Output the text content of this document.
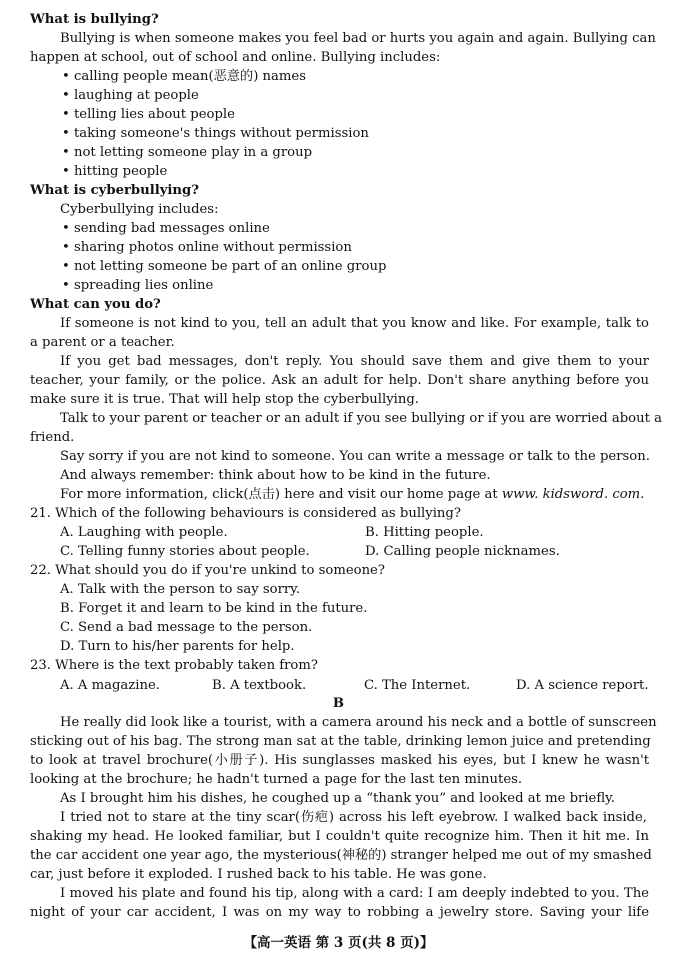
What is bullying?
Bullying is when someone makes you feel bad or hurts you again and again. Bullying can
happen at school, out of school and online. Bullying includes:
• calling people mean(恶意的) names
• laughing at people
• telling lies about people
• taking someone's things without permission
• not letting someone play in a group
• hitting people
What is cyberbullying?
Cyberbullying includes:
• sending bad messages online
• sharing photos online without permission
• not letting someone be part of an online group
• spreading lies online
What can you do?
If someone is not kind to you, tell an adult that you know and like. For example, talk to
a parent or a teacher.
If you get bad messages, don't reply. You should save them and give them to your
teacher, your family, or the police. Ask an adult for help. Don't share anything before you
make sure it is true. That will help stop the cyberbullying.
Talk to your parent or teacher or an adult if you see bullying or if you are worried about a
friend.
Say sorry if you are not kind to someone. You can write a message or talk to the person.
And always remember: think about how to be kind in the future.
For more information, click(点击) here and visit our home page at www. kidsword. com.
21. Which of the following behaviours is considered as bullying?
A. Laughing with people.	B. Hitting people.
C. Telling funny stories about people.	D. Calling people nicknames.
22. What should you do if you're unkind to someone?
A. Talk with the person to say sorry.
B. Forget it and learn to be kind in the future.
C. Send a bad message to the person.
D. Turn to his/her parents for help.
23. Where is the text probably taken from?
A. A magazine.	B. A textbook.	C. The Internet.	D. A science report.
B
He really did look like a tourist, with a camera around his neck and a bottle of sunscreen
sticking out of his bag. The strong man sat at the table, drinking lemon juice and pretending
to look at travel brochure(小册子). His sunglasses masked his eyes, but I knew he wasn't
looking at the brochure; he hadn't turned a page for the last ten minutes.
As I brought him his dishes, he coughed up a “thank you” and looked at me briefly.
I tried not to stare at the tiny scar(伤疤) across his left eyebrow. I walked back inside,
shaking my head. He looked familiar, but I couldn't quite recognize him. Then it hit me. In
the car accident one year ago, the mysterious(神秘的) stranger helped me out of my smashed
car, just before it exploded. I rushed back to his table. He was gone.
I moved his plate and found his tip, along with a card: I am deeply indebted to you. The
night of your car accident, I was on my way to robbing a jewelry store. Saving your life
【高一英语 第 3 页(共 8 页)】
